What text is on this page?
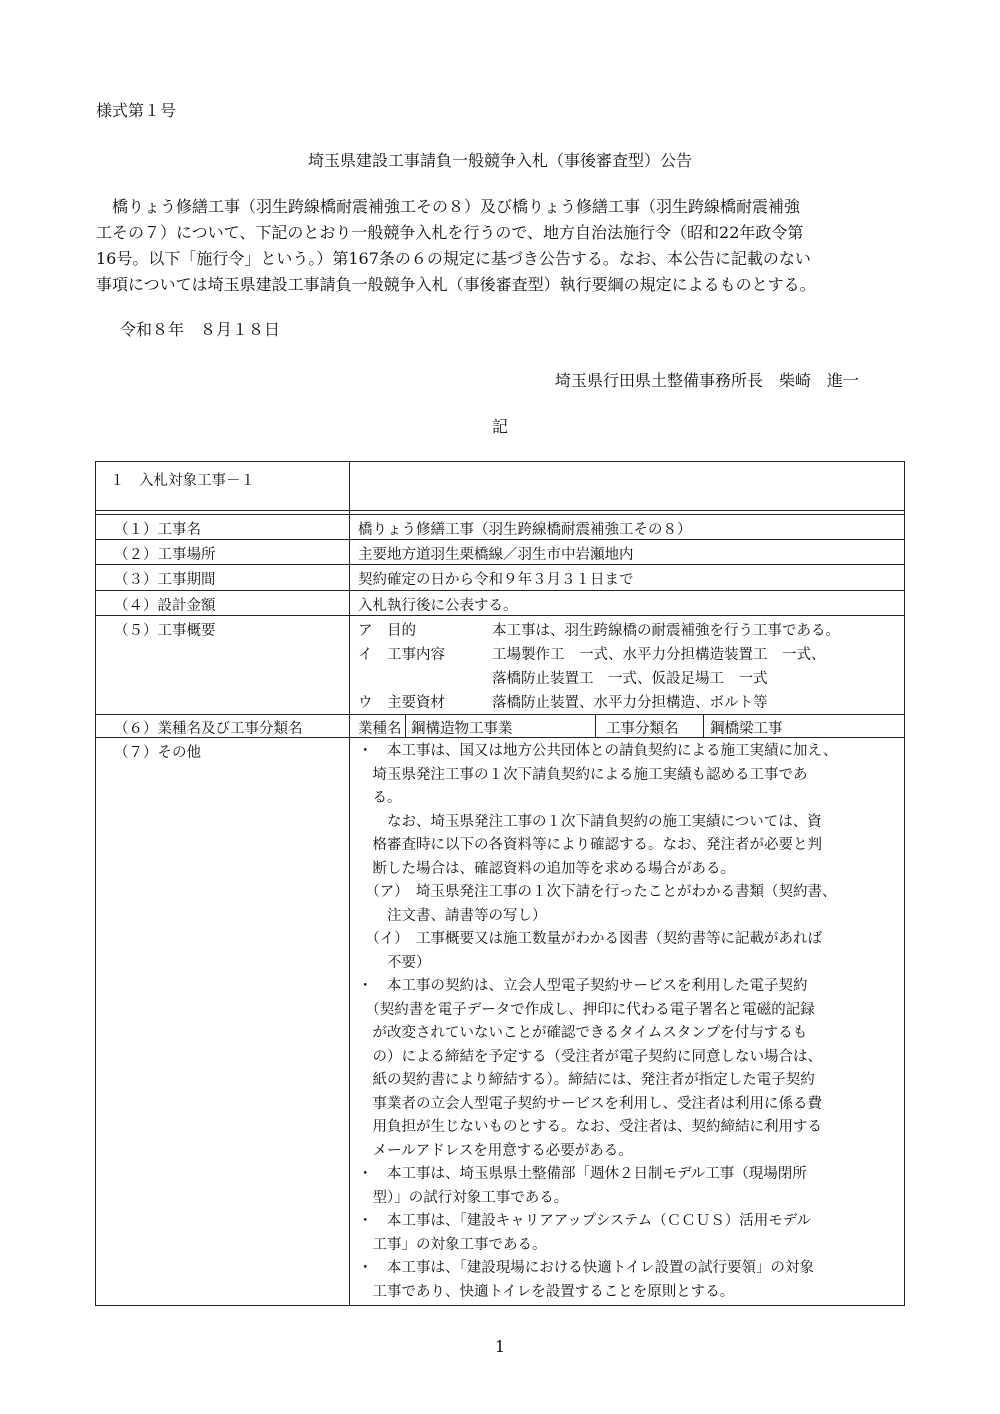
様式第１号
埼玉県建設工事請負一般競争入札（事後審査型）公告
　橋りょう修繕工事（羽生跨線橋耐震補強工その８）及び橋りょう修繕工事（羽生跨線橋耐震補強
工その７）について、下記のとおり一般競争入札を行うので、地方自治法施行令（昭和22年政令第
16号。以下「施行令」という。）第167条の６の規定に基づき公告する。なお、本公告に記載のない
事項については埼玉県建設工事請負一般競争入札（事後審査型）執行要綱の規定によるものとする。
令和８年　８月１８日
埼玉県行田県土整備事務所長　柴崎　進一
記
１　入札対象工事－１
（１）工事名	橋りょう修繕工事（羽生跨線橋耐震補強工その８）
（２）工事場所	主要地方道羽生栗橋線／羽生市中岩瀬地内
（３）工事期間	契約確定の日から令和９年３月３１日まで
（４）設計金額	入札執行後に公表する。
（５）工事概要	ア　目的	本工事は、羽生跨線橋の耐震補強を行う工事である。
イ　工事内容	工場製作工　一式、水平力分担構造装置工　一式、
落橋防止装置工　一式、仮設足場工　一式
ウ　主要資材	落橋防止装置、水平力分担構造、ボルト等
（６）業種名及び工事分類名	業種名 鋼構造物工事業	工事分類名 鋼橋梁工事
（７）その他	・　本工事は、国又は地方公共団体との請負契約による施工実績に加え、
　埼玉県発注工事の１次下請負契約による施工実績も認める工事であ
　る。
　　なお、埼玉県発注工事の１次下請負契約の施工実績については、資
　格審査時に以下の各資料等により確認する。なお、発注者が必要と判
　断した場合は、確認資料の追加等を求める場合がある。
　（ア）　埼玉県発注工事の１次下請を行ったことがわかる書類（契約書、
　　注文書、請書等の写し）
　（イ）　工事概要又は施工数量がわかる図書（契約書等に記載があれば
　　不要）
・　本工事の契約は、立会人型電子契約サービスを利用した電子契約
　（契約書を電子データで作成し、押印に代わる電子署名と電磁的記録
　が改変されていないことが確認できるタイムスタンプを付与するも
　の）による締結を予定する（受注者が電子契約に同意しない場合は、
　紙の契約書により締結する）。締結には、発注者が指定した電子契約
　事業者の立会人型電子契約サービスを利用し、受注者は利用に係る費
　用負担が生じないものとする。なお、受注者は、契約締結に利用する
　メールアドレスを用意する必要がある。
・　本工事は、埼玉県県土整備部「週休２日制モデル工事（現場閉所
　型）」の試行対象工事である。
・　本工事は、「建設キャリアアップシステム（ＣＣＵＳ）活用モデル
　工事」の対象工事である。
・　本工事は、「建設現場における快適トイレ設置の試行要領」の対象
　工事であり、快適トイレを設置することを原則とする。
1
